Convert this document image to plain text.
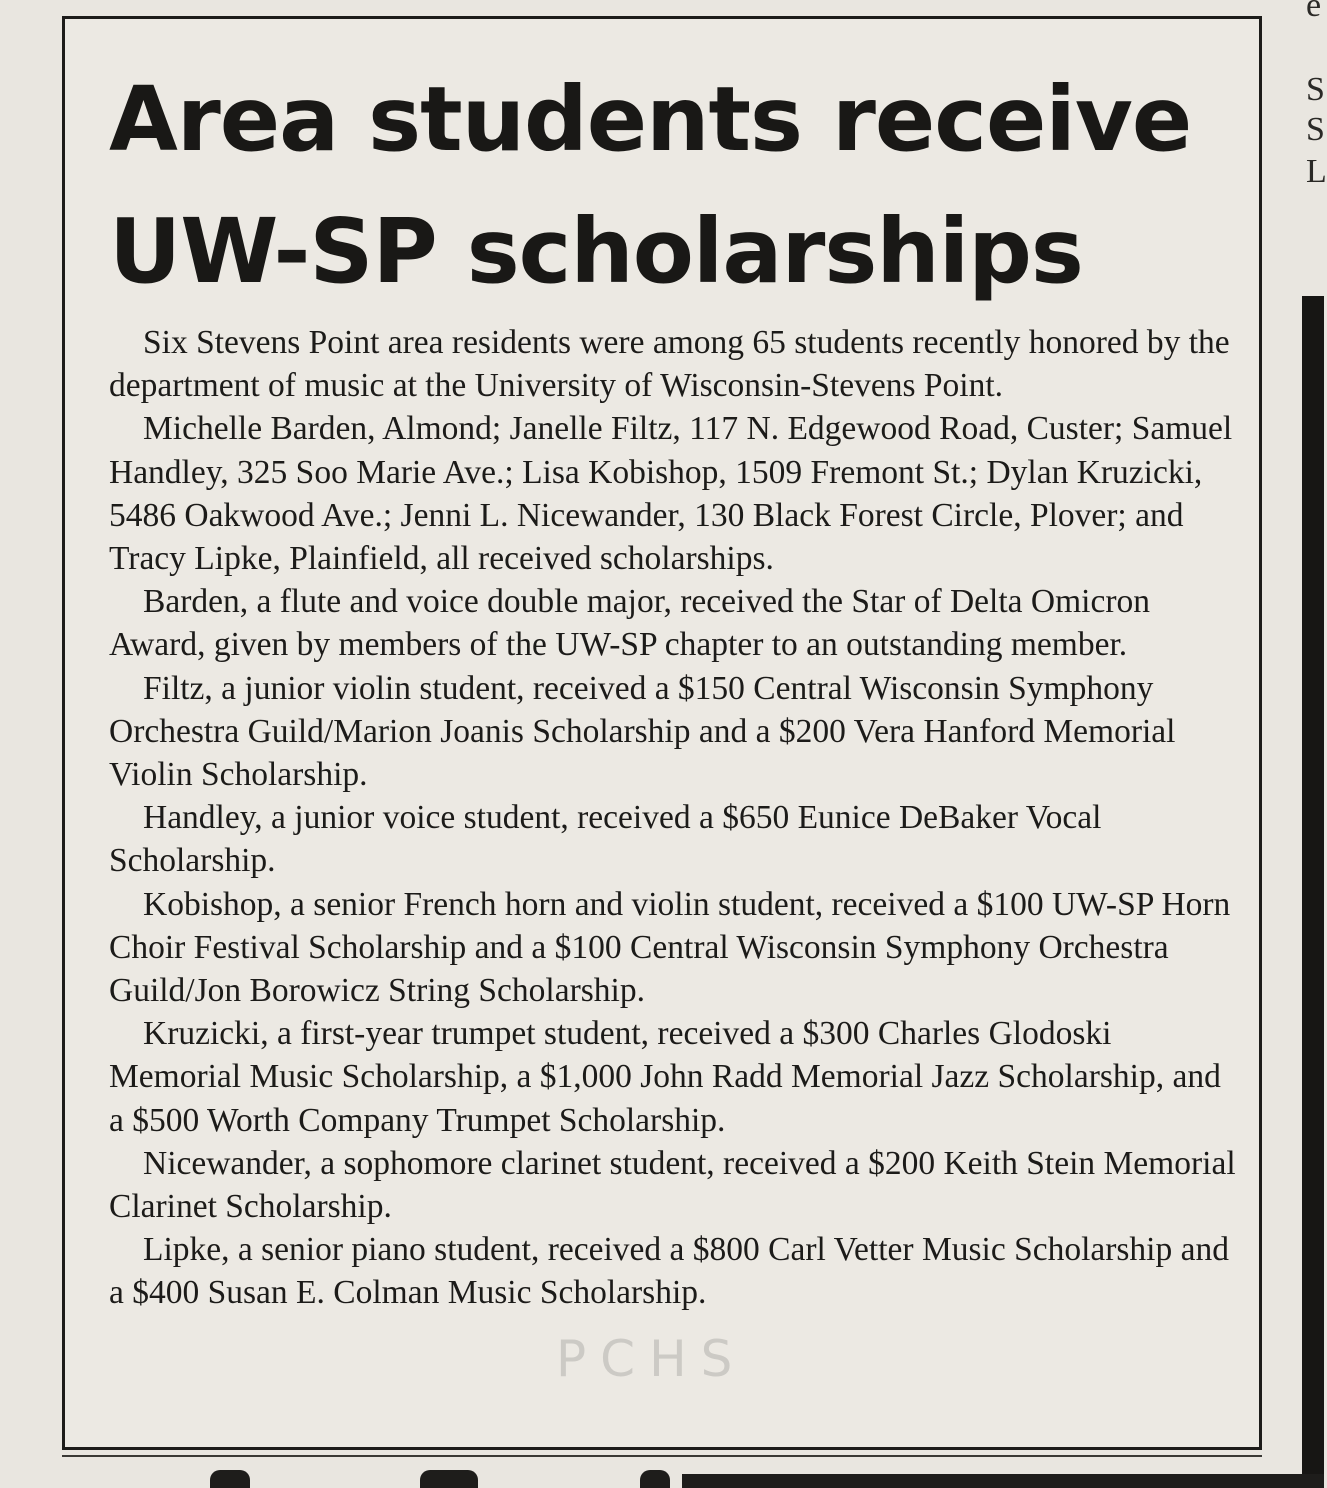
e
S
S
L
Area students receive
UW-SP scholarships

Six Stevens Point area residents were among 65 students recently honored by the department of music at the University of Wisconsin-Stevens Point.

Michelle Barden, Almond; Janelle Filtz, 117 N. Edgewood Road, Custer; Samuel Handley, 325 Soo Marie Ave.; Lisa Kobishop, 1509 Fremont St.; Dylan Kruzicki, 5486 Oakwood Ave.; Jenni L. Nicewander, 130 Black Forest Circle, Plover; and Tracy Lipke, Plainfield, all received scholarships.

Barden, a flute and voice double major, received the Star of Delta Omicron Award, given by members of the UW-SP chapter to an outstanding member.

Filtz, a junior violin student, received a $150 Central Wisconsin Symphony Orchestra Guild/Marion Joanis Scholarship and a $200 Vera Hanford Memorial Violin Scholarship.

Handley, a junior voice student, received a $650 Eunice DeBaker Vocal Scholarship.

Kobishop, a senior French horn and violin student, received a $100 UW-SP Horn Choir Festival Scholarship and a $100 Central Wisconsin Symphony Orchestra Guild/Jon Borowicz String Scholarship.

Kruzicki, a first-year trumpet student, received a $300 Charles Glodoski Memorial Music Scholarship, a $1,000 John Radd Memorial Jazz Scholarship, and a $500 Worth Company Trumpet Scholarship.

Nicewander, a sophomore clarinet student, received a $200 Keith Stein Memorial Clarinet Scholarship.

Lipke, a senior piano student, received a $800 Carl Vetter Music Scholarship and a $400 Susan E. Colman Music Scholarship.

PCHS
